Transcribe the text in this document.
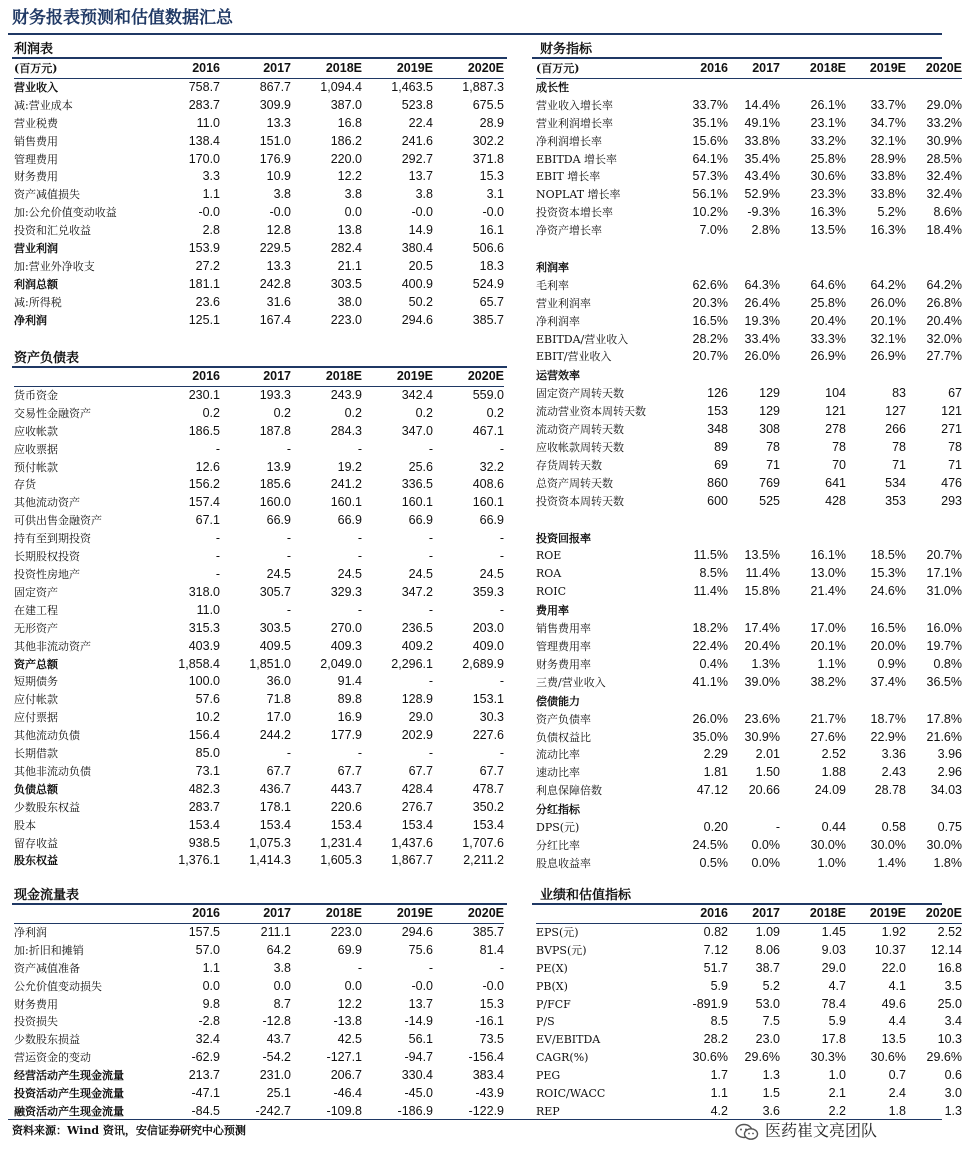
财务报表预测和估值数据汇总
利润表
(百万元)	2016	2017	2018E	2019E	2020E
营业收入	758.7	867.7	1,094.4	1,463.5	1,887.3
减:营业成本	283.7	309.9	387.0	523.8	675.5
营业税费	11.0	13.3	16.8	22.4	28.9
销售费用	138.4	151.0	186.2	241.6	302.2
管理费用	170.0	176.9	220.0	292.7	371.8
财务费用	3.3	10.9	12.2	13.7	15.3
资产减值损失	1.1	3.8	3.8	3.8	3.1
加:公允价值变动收益	-0.0	-0.0	0.0	-0.0	-0.0
投资和汇兑收益	2.8	12.8	13.8	14.9	16.1
营业利润	153.9	229.5	282.4	380.4	506.6
加:营业外净收支	27.2	13.3	21.1	20.5	18.3
利润总额	181.1	242.8	303.5	400.9	524.9
减:所得税	23.6	31.6	38.0	50.2	65.7
净利润	125.1	167.4	223.0	294.6	385.7
资产负债表
	2016	2017	2018E	2019E	2020E
货币资金	230.1	193.3	243.9	342.4	559.0
交易性金融资产	0.2	0.2	0.2	0.2	0.2
应收帐款	186.5	187.8	284.3	347.0	467.1
应收票据	-	-	-	-	-
预付帐款	12.6	13.9	19.2	25.6	32.2
存货	156.2	185.6	241.2	336.5	408.6
其他流动资产	157.4	160.0	160.1	160.1	160.1
可供出售金融资产	67.1	66.9	66.9	66.9	66.9
持有至到期投资	-	-	-	-	-
长期股权投资	-	-	-	-	-
投资性房地产	-	24.5	24.5	24.5	24.5
固定资产	318.0	305.7	329.3	347.2	359.3
在建工程	11.0	-	-	-	-
无形资产	315.3	303.5	270.0	236.5	203.0
其他非流动资产	403.9	409.5	409.3	409.2	409.0
资产总额	1,858.4	1,851.0	2,049.0	2,296.1	2,689.9
短期债务	100.0	36.0	91.4	-	-
应付帐款	57.6	71.8	89.8	128.9	153.1
应付票据	10.2	17.0	16.9	29.0	30.3
其他流动负债	156.4	244.2	177.9	202.9	227.6
长期借款	85.0	-	-	-	-
其他非流动负债	73.1	67.7	67.7	67.7	67.7
负债总额	482.3	436.7	443.7	428.4	478.7
少数股东权益	283.7	178.1	220.6	276.7	350.2
股本	153.4	153.4	153.4	153.4	153.4
留存收益	938.5	1,075.3	1,231.4	1,437.6	1,707.6
股东权益	1,376.1	1,414.3	1,605.3	1,867.7	2,211.2
财务指标
(百万元)	2016	2017	2018E	2019E	2020E
成长性					
营业收入增长率	33.7%	14.4%	26.1%	33.7%	29.0%
营业利润增长率	35.1%	49.1%	23.1%	34.7%	33.2%
净利润增长率	15.6%	33.8%	33.2%	32.1%	30.9%
EBITDA 增长率	64.1%	35.4%	25.8%	28.9%	28.5%
EBIT 增长率	57.3%	43.4%	30.6%	33.8%	32.4%
NOPLAT 增长率	56.1%	52.9%	23.3%	33.8%	32.4%
投资资本增长率	10.2%	-9.3%	16.3%	5.2%	8.6%
净资产增长率	7.0%	2.8%	13.5%	16.3%	18.4%

利润率					
毛利率	62.6%	64.3%	64.6%	64.2%	64.2%
营业利润率	20.3%	26.4%	25.8%	26.0%	26.8%
净利润率	16.5%	19.3%	20.4%	20.1%	20.4%
EBITDA/营业收入	28.2%	33.4%	33.3%	32.1%	32.0%
EBIT/营业收入	20.7%	26.0%	26.9%	26.9%	27.7%
运营效率					
固定资产周转天数	126	129	104	83	67
流动营业资本周转天数	153	129	121	127	121
流动资产周转天数	348	308	278	266	271
应收帐款周转天数	89	78	78	78	78
存货周转天数	69	71	70	71	71
总资产周转天数	860	769	641	534	476
投资资本周转天数	600	525	428	353	293

投资回报率					
ROE	11.5%	13.5%	16.1%	18.5%	20.7%
ROA	8.5%	11.4%	13.0%	15.3%	17.1%
ROIC	11.4%	15.8%	21.4%	24.6%	31.0%
费用率					
销售费用率	18.2%	17.4%	17.0%	16.5%	16.0%
管理费用率	22.4%	20.4%	20.1%	20.0%	19.7%
财务费用率	0.4%	1.3%	1.1%	0.9%	0.8%
三费/营业收入	41.1%	39.0%	38.2%	37.4%	36.5%
偿债能力					
资产负债率	26.0%	23.6%	21.7%	18.7%	17.8%
负债权益比	35.0%	30.9%	27.6%	22.9%	21.6%
流动比率	2.29	2.01	2.52	3.36	3.96
速动比率	1.81	1.50	1.88	2.43	2.96
利息保障倍数	47.12	20.66	24.09	28.78	34.03
分红指标					
DPS(元)	0.20	-	0.44	0.58	0.75
分红比率	24.5%	0.0%	30.0%	30.0%	30.0%
股息收益率	0.5%	0.0%	1.0%	1.4%	1.8%
现金流量表
	2016	2017	2018E	2019E	2020E
净利润	157.5	211.1	223.0	294.6	385.7
加:折旧和摊销	57.0	64.2	69.9	75.6	81.4
资产减值准备	1.1	3.8	-	-	-
公允价值变动损失	0.0	0.0	0.0	-0.0	-0.0
财务费用	9.8	8.7	12.2	13.7	15.3
投资损失	-2.8	-12.8	-13.8	-14.9	-16.1
少数股东损益	32.4	43.7	42.5	56.1	73.5
营运资金的变动	-62.9	-54.2	-127.1	-94.7	-156.4
经营活动产生现金流量	213.7	231.0	206.7	330.4	383.4
投资活动产生现金流量	-47.1	25.1	-46.4	-45.0	-43.9
融资活动产生现金流量	-84.5	-242.7	-109.8	-186.9	-122.9
业绩和估值指标
	2016	2017	2018E	2019E	2020E
EPS(元)	0.82	1.09	1.45	1.92	2.52
BVPS(元)	7.12	8.06	9.03	10.37	12.14
PE(X)	51.7	38.7	29.0	22.0	16.8
PB(X)	5.9	5.2	4.7	4.1	3.5
P/FCF	-891.9	53.0	78.4	49.6	25.0
P/S	8.5	7.5	5.9	4.4	3.4
EV/EBITDA	28.2	23.0	17.8	13.5	10.3
CAGR(%)	30.6%	29.6%	30.3%	30.6%	29.6%
PEG	1.7	1.3	1.0	0.7	0.6
ROIC/WACC	1.1	1.5	2.1	2.4	3.0
REP	4.2	3.6	2.2	1.8	1.3
资料来源：Wind 资讯，安信证券研究中心预测	医药崔文亮团队
